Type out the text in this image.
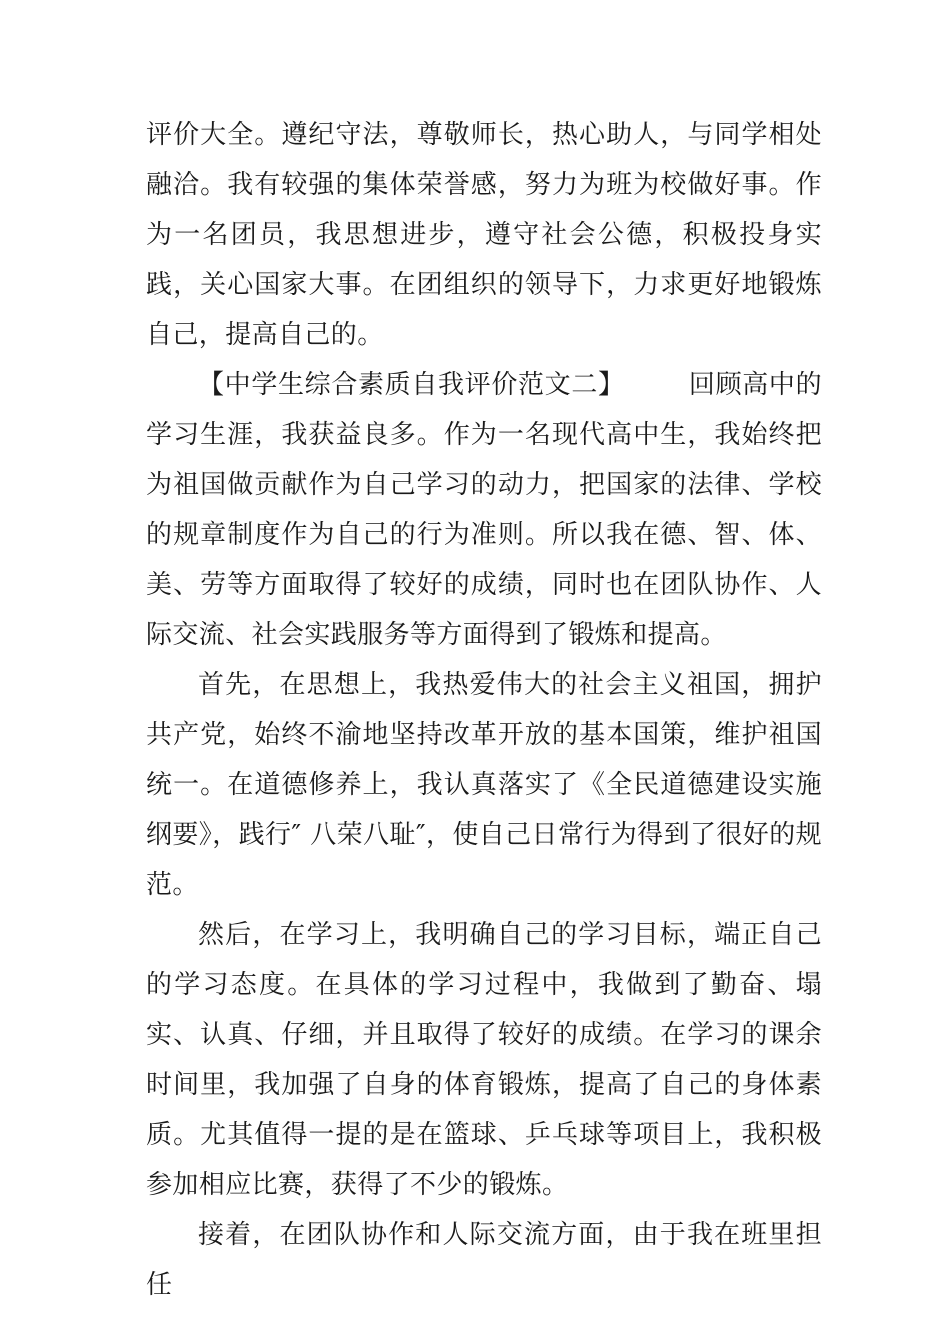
评价大全。遵纪守法，尊敬师长，热心助人，与同学相处融洽。我有较强的集体荣誉感，努力为班为校做好事。作为一名团员，我思想进步，遵守社会公德，积极投身实践，关心国家大事。在团组织的领导下，力求更好地锻炼自己，提高自己的。

【中学生综合素质自我评价范文二】 回顾高中的学习生涯，我获益良多。作为一名现代高中生，我始终把为祖国做贡献作为自己学习的动力，把国家的法律、学校的规章制度作为自己的行为准则。所以我在德、智、体、美、劳等方面取得了较好的成绩，同时也在团队协作、人际交流、社会实践服务等方面得到了锻炼和提高。

首先，在思想上，我热爱伟大的社会主义祖国，拥护共产党，始终不渝地坚持改革开放的基本国策，维护祖国统一。在道德修养上，我认真落实了《全民道德建设实施纲要》，践行″ 八荣八耻″，使自己日常行为得到了很好的规范。

然后，在学习上，我明确自己的学习目标，端正自己的学习态度。在具体的学习过程中，我做到了勤奋、塌实、认真、仔细，并且取得了较好的成绩。在学习的课余时间里，我加强了自身的体育锻炼，提高了自己的身体素质。尤其值得一提的是在篮球、乒乓球等项目上，我积极参加相应比赛，获得了不少的锻炼。

接着，在团队协作和人际交流方面，由于我在班里担任
